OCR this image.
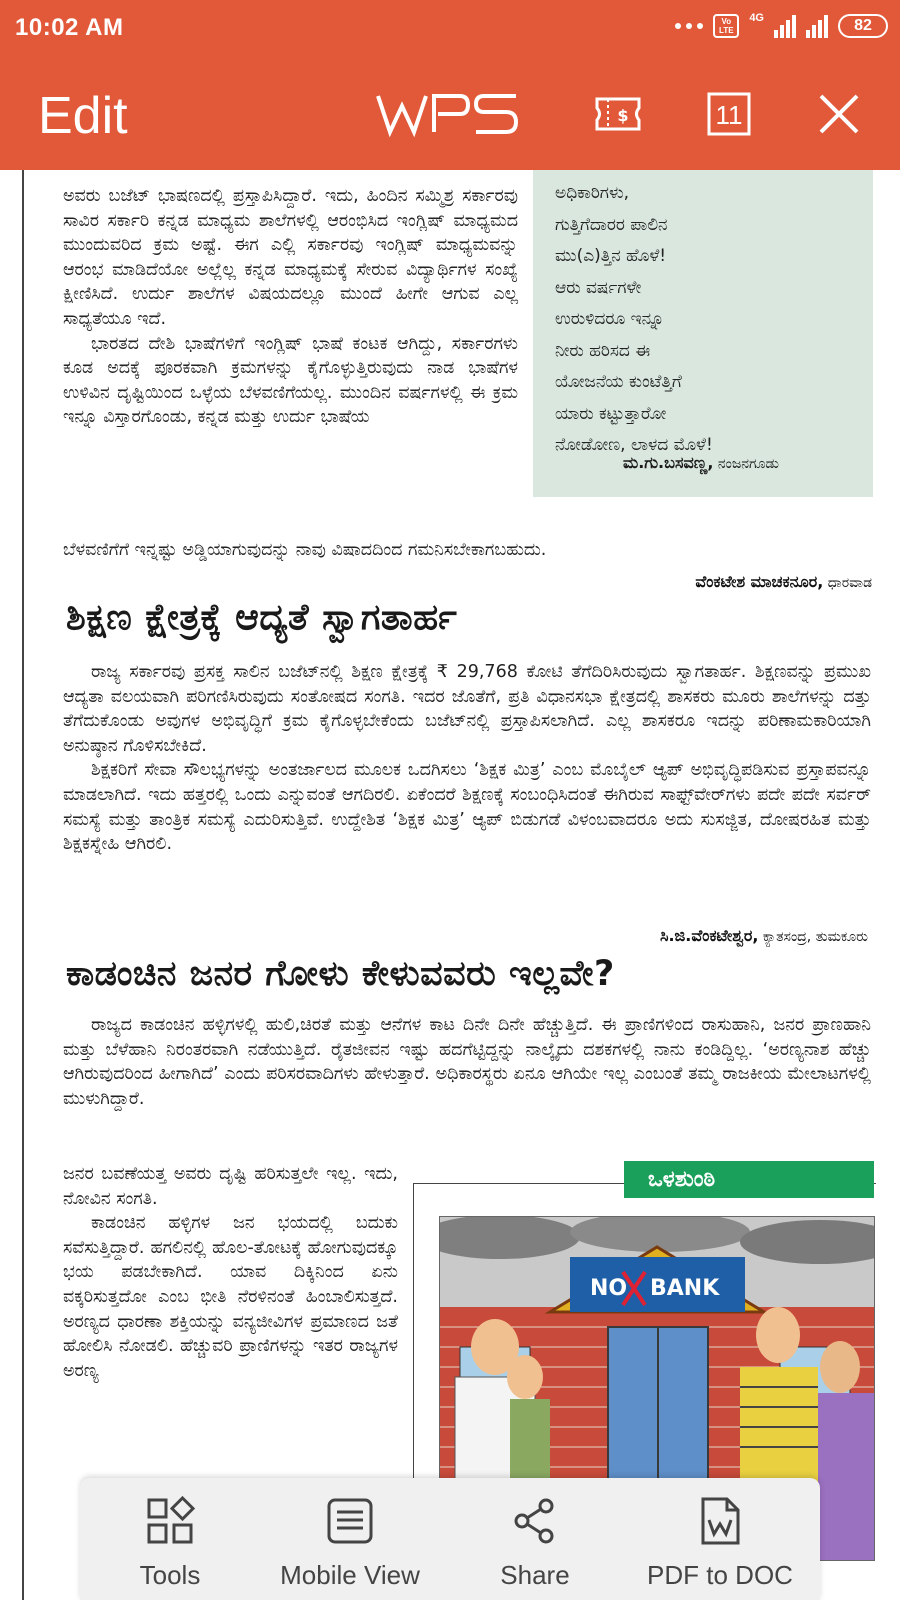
10:02 AM	Vo
LTE
4G	82
Edit	$	11

ಅವರು ಬಜೆಟ್ ಭಾಷಣದಲ್ಲಿ ಪ್ರಸ್ತಾಪಿಸಿದ್ದಾರೆ. ಇದು, ಹಿಂದಿನ ಸಮ್ಮಿಶ್ರ ಸರ್ಕಾರವು ಸಾವಿರ ಸರ್ಕಾರಿ ಕನ್ನಡ ಮಾಧ್ಯಮ ಶಾಲೆಗಳಲ್ಲಿ ಆರಂಭಿಸಿದ ಇಂಗ್ಲಿಷ್ ಮಾಧ್ಯಮದ ಮುಂದುವರಿದ ಕ್ರಮ ಅಷ್ಟೆ. ಈಗ ಎಲ್ಲಿ ಸರ್ಕಾರವು ಇಂಗ್ಲಿಷ್ ಮಾಧ್ಯಮವನ್ನು ಆರಂಭ ಮಾಡಿದೆಯೋ ಅಲ್ಲೆಲ್ಲ ಕನ್ನಡ ಮಾಧ್ಯಮಕ್ಕೆ ಸೇರುವ ವಿದ್ಯಾರ್ಥಿಗಳ ಸಂಖ್ಯೆ ಕ್ಷೀಣಿಸಿದೆ. ಉರ್ದು ಶಾಲೆಗಳ ವಿಷಯದಲ್ಲೂ ಮುಂದೆ ಹೀಗೇ ಆಗುವ ಎಲ್ಲ ಸಾಧ್ಯತೆಯೂ ಇದೆ.

ಭಾರತದ ದೇಶಿ ಭಾಷೆಗಳಿಗೆ ಇಂಗ್ಲಿಷ್ ಭಾಷೆ ಕಂಟಕ ಆಗಿದ್ದು, ಸರ್ಕಾರಗಳು ಕೂಡ ಅದಕ್ಕೆ ಪೂರಕವಾಗಿ ಕ್ರಮಗಳನ್ನು ಕೈಗೊಳ್ಳುತ್ತಿರುವುದು ನಾಡ ಭಾಷೆಗಳ ಉಳಿವಿನ ದೃಷ್ಟಿಯಿಂದ ಒಳ್ಳೆಯ ಬೆಳವಣಿಗೆಯಲ್ಲ. ಮುಂದಿನ ವರ್ಷಗಳಲ್ಲಿ ಈ ಕ್ರಮ ಇನ್ನೂ ವಿಸ್ತಾರಗೊಂಡು, ಕನ್ನಡ ಮತ್ತು ಉರ್ದು ಭಾಷೆಯ

ಅಧಿಕಾರಿಗಳು,
ಗುತ್ತಿಗೆದಾರರ ಪಾಲಿನ
ಮು(ಎ)ತ್ತಿನ ಹೊಳೆ!
ಆರು ವರ್ಷಗಳೇ
ಉರುಳಿದರೂ ಇನ್ನೂ
ನೀರು ಹರಿಸದ ಈ
ಯೋಜನೆಯ ಕುಂಟೆತ್ತಿಗೆ
ಯಾರು ಕಟ್ಟುತ್ತಾರೋ
ನೋಡೋಣ, ಲಾಳದ ಮೊಳೆ!
ಮ.ಗು.ಬಸವಣ್ಣ, ನಂಜನಗೂಡು
ಬೆಳವಣಿಗೆಗೆ ಇನ್ನಷ್ಟು ಅಡ್ಡಿಯಾಗುವುದನ್ನು ನಾವು ವಿಷಾದದಿಂದ ಗಮನಿಸಬೇಕಾಗಬಹುದು.
ವೆಂಕಟೇಶ ಮಾಚಕನೂರ, ಧಾರವಾಡ
ಶಿಕ್ಷಣ ಕ್ಷೇತ್ರಕ್ಕೆ ಆದ್ಯತೆ ಸ್ವಾಗತಾರ್ಹ

ರಾಜ್ಯ ಸರ್ಕಾರವು ಪ್ರಸಕ್ತ ಸಾಲಿನ ಬಜೆಟ್‌ನಲ್ಲಿ ಶಿಕ್ಷಣ ಕ್ಷೇತ್ರಕ್ಕೆ ₹ 29,768 ಕೋಟಿ ತೆಗೆದಿರಿಸಿರುವುದು ಸ್ವಾಗತಾರ್ಹ. ಶಿಕ್ಷಣವನ್ನು ಪ್ರಮುಖ ಆದ್ಯತಾ ವಲಯವಾಗಿ ಪರಿಗಣಿಸಿರುವುದು ಸಂತೋಷದ ಸಂಗತಿ. ಇದರ ಜೊತೆಗೆ, ಪ್ರತಿ ವಿಧಾನಸಭಾ ಕ್ಷೇತ್ರದಲ್ಲಿ ಶಾಸಕರು ಮೂರು ಶಾಲೆಗಳನ್ನು ದತ್ತು ತೆಗೆದುಕೊಂಡು ಅವುಗಳ ಅಭಿವೃದ್ಧಿಗೆ ಕ್ರಮ ಕೈಗೊಳ್ಳಬೇಕೆಂದು ಬಜೆಟ್‌ನಲ್ಲಿ ಪ್ರಸ್ತಾಪಿಸಲಾಗಿದೆ. ಎಲ್ಲ ಶಾಸಕರೂ ಇದನ್ನು ಪರಿಣಾಮಕಾರಿಯಾಗಿ ಅನುಷ್ಠಾನ ಗೊಳಿಸಬೇಕಿದೆ.

ಶಿಕ್ಷಕರಿಗೆ ಸೇವಾ ಸೌಲಭ್ಯಗಳನ್ನು ಅಂತರ್ಜಾಲದ ಮೂಲಕ ಒದಗಿಸಲು ‘ಶಿಕ್ಷಕ ಮಿತ್ರ’ ಎಂಬ ಮೊಬೈಲ್ ಆ್ಯಪ್ ಅಭಿವೃದ್ಧಿಪಡಿಸುವ ಪ್ರಸ್ತಾಪವನ್ನೂ ಮಾಡಲಾಗಿದೆ. ಇದು ಹತ್ತರಲ್ಲಿ ಒಂದು ಎನ್ನುವಂತೆ ಆಗದಿರಲಿ. ಏಕೆಂದರೆ ಶಿಕ್ಷಣಕ್ಕೆ ಸಂಬಂಧಿಸಿದಂತೆ ಈಗಿರುವ ಸಾಫ್ಟ್‌ವೇರ್‌ಗಳು ಪದೇ ಪದೇ ಸರ್ವರ್ ಸಮಸ್ಯೆ ಮತ್ತು ತಾಂತ್ರಿಕ ಸಮಸ್ಯೆ ಎದುರಿಸುತ್ತಿವೆ. ಉದ್ದೇಶಿತ ‘ಶಿಕ್ಷಕ ಮಿತ್ರ’ ಆ್ಯಪ್ ಬಿಡುಗಡೆ ವಿಳಂಬವಾದರೂ ಅದು ಸುಸಜ್ಜಿತ, ದೋಷರಹಿತ ಮತ್ತು ಶಿಕ್ಷಕಸ್ನೇಹಿ ಆಗಿರಲಿ.

ಸಿ.ಜಿ.ವೆಂಕಟೇಶ್ವರ, ಕ್ಯಾತಸಂದ್ರ, ತುಮಕೂರು
ಕಾಡಂಚಿನ ಜನರ ಗೋಳು ಕೇಳುವವರು ಇಲ್ಲವೇ?

ರಾಜ್ಯದ ಕಾಡಂಚಿನ ಹಳ್ಳಿಗಳಲ್ಲಿ ಹುಲಿ,ಚಿರತೆ ಮತ್ತು ಆನೆಗಳ ಕಾಟ ದಿನೇ ದಿನೇ ಹೆಚ್ಚುತ್ತಿದೆ. ಈ ಪ್ರಾಣಿಗಳಿಂದ ರಾಸುಹಾನಿ, ಜನರ ಪ್ರಾಣಹಾನಿ ಮತ್ತು ಬೆಳೆಹಾನಿ ನಿರಂತರವಾಗಿ ನಡೆಯುತ್ತಿದೆ. ರೈತಜೀವನ ಇಷ್ಟು ಹದಗೆಟ್ಟಿದ್ದನ್ನು ನಾಲ್ಕೈದು ದಶಕಗಳಲ್ಲಿ ನಾನು ಕಂಡಿದ್ದಿಲ್ಲ. ‘ಅರಣ್ಯನಾಶ ಹೆಚ್ಚು ಆಗಿರುವುದರಿಂದ ಹೀಗಾಗಿದೆ’ ಎಂದು ಪರಿಸರವಾದಿಗಳು ಹೇಳುತ್ತಾರೆ. ಅಧಿಕಾರಸ್ಥರು ಏನೂ ಆಗಿಯೇ ಇಲ್ಲ ಎಂಬಂತೆ ತಮ್ಮ ರಾಜಕೀಯ ಮೇಲಾಟಗಳಲ್ಲಿ ಮುಳುಗಿದ್ದಾರೆ.

ಜನರ ಬವಣೆಯತ್ತ ಅವರು ದೃಷ್ಟಿ ಹರಿಸುತ್ತಲೇ ಇಲ್ಲ. ಇದು, ನೋವಿನ ಸಂಗತಿ.

ಕಾಡಂಚಿನ ಹಳ್ಳಿಗಳ ಜನ ಭಯದಲ್ಲಿ ಬದುಕು ಸವೆಸುತ್ತಿದ್ದಾರೆ. ಹಗಲಿನಲ್ಲಿ ಹೊಲ-ತೋಟಕ್ಕೆ ಹೋಗುವುದಕ್ಕೂ ಭಯ ಪಡಬೇಕಾಗಿದೆ. ಯಾವ ದಿಕ್ಕಿನಿಂದ ಏನು ವಕ್ಕರಿಸುತ್ತದೋ ಎಂಬ ಭೀತಿ ನೆರಳಿನಂತೆ ಹಿಂಬಾಲಿಸುತ್ತದೆ. ಅರಣ್ಯದ ಧಾರಣಾ ಶಕ್ತಿಯನ್ನು ವನ್ಯಜೀವಿಗಳ ಪ್ರಮಾಣದ ಜತೆ ಹೋಲಿಸಿ ನೋಡಲಿ. ಹೆಚ್ಚುವರಿ ಪ್ರಾಣಿಗಳನ್ನು ಇತರ ರಾಜ್ಯಗಳ ಅರಣ್ಯ

ಒಳಶುಂಠಿ
NO BANK
Tools	Mobile View	Share	PDF to DOC
